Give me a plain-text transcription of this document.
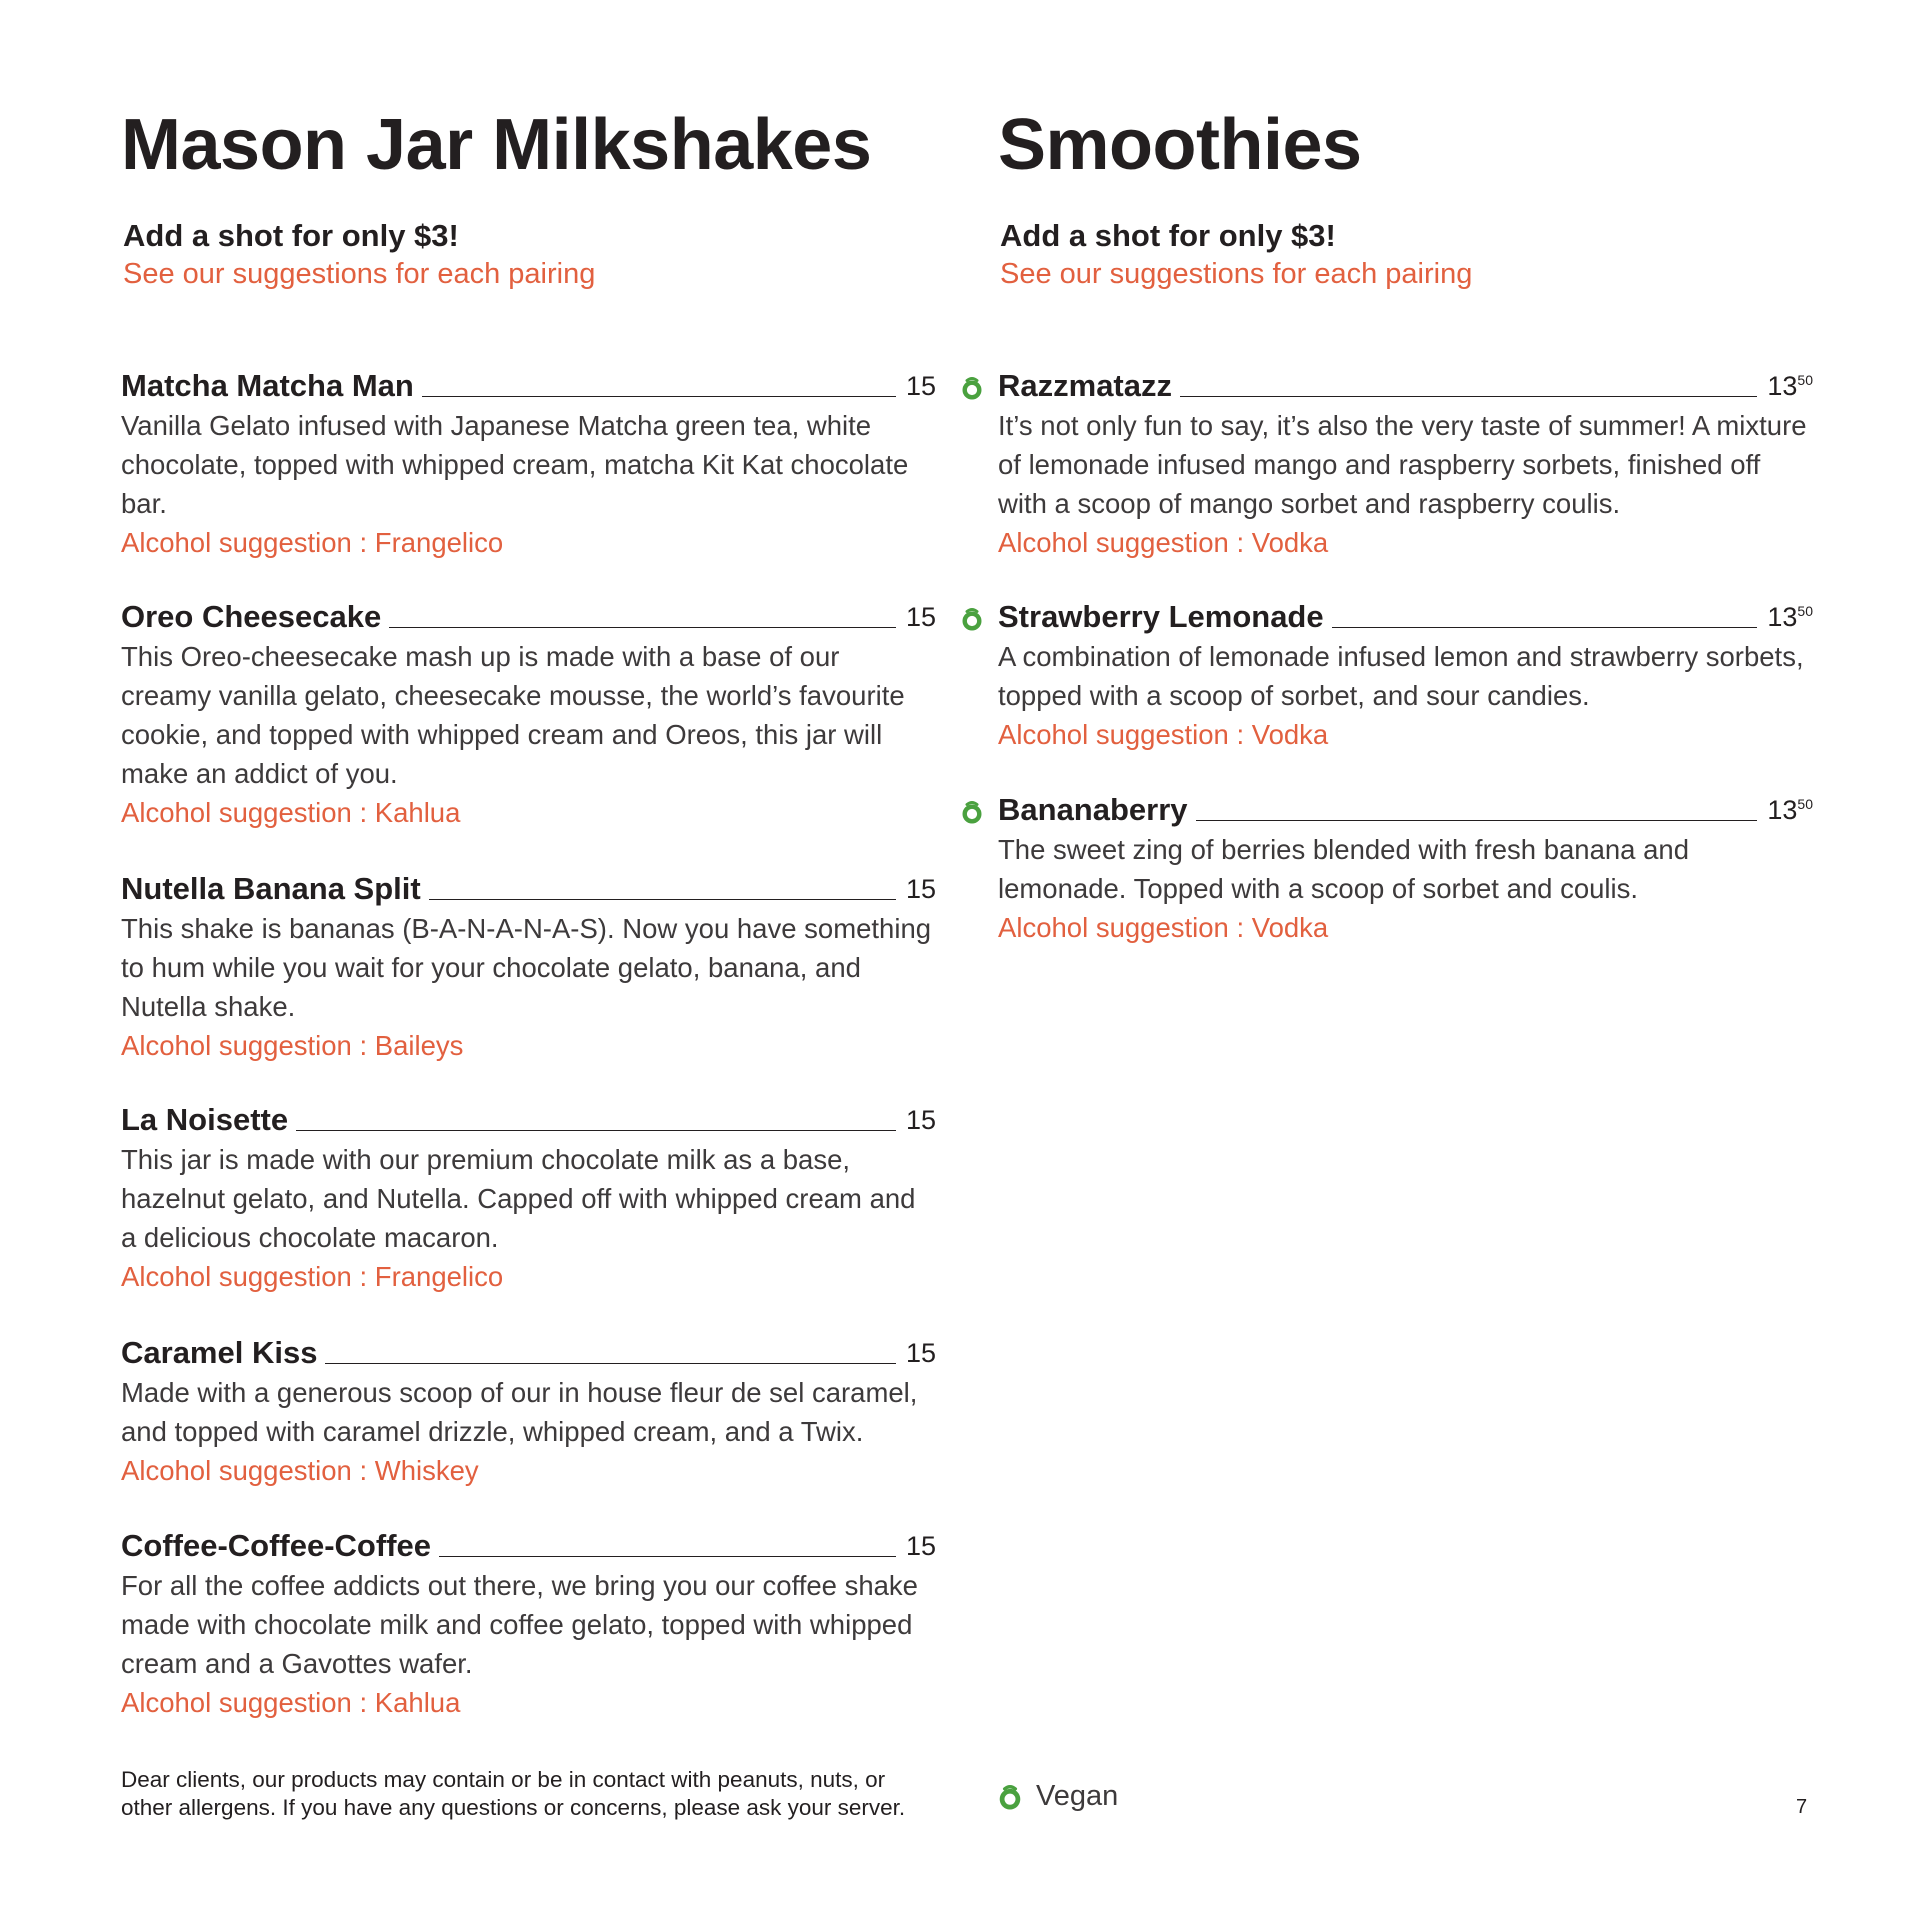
Mason Jar Milkshakes
Add a shot for only $3!
See our suggestions for each pairing
Matcha Matcha Man	15

Vanilla Gelato infused with Japanese Matcha green tea, white chocolate, topped with whipped cream, matcha Kit Kat chocolate bar.

Alcohol suggestion : Frangelico
Oreo Cheesecake	15

This Oreo-cheesecake mash up is made with a base of our creamy vanilla gelato, cheesecake mousse, the world’s favourite cookie, and topped with whipped cream and Oreos, this jar will make an addict of you.

Alcohol suggestion : Kahlua
Nutella Banana Split	15

This shake is bananas (B-A-N-A-N-A-S). Now you have something to hum while you wait for your chocolate gelato, banana, and Nutella shake.

Alcohol suggestion : Baileys
La Noisette	15

This jar is made with our premium chocolate milk as a base, hazelnut gelato, and Nutella. Capped off with whipped cream and a delicious chocolate macaron.

Alcohol suggestion : Frangelico
Caramel Kiss	15

Made with a generous scoop of our in house fleur de sel caramel, and topped with caramel drizzle, whipped cream, and a Twix.

Alcohol suggestion : Whiskey
Coffee-Coffee-Coffee	15

For all the coffee addicts out there, we bring you our coffee shake made with chocolate milk and coffee gelato, topped with whipped cream and a Gavottes wafer.

Alcohol suggestion : Kahlua
Smoothies
Add a shot for only $3!
See our suggestions for each pairing
Razzmatazz	$13^{50}$

It’s not only fun to say, it’s also the very taste of summer! A mixture of lemonade infused mango and raspberry sorbets, finished off with a scoop of mango sorbet and raspberry coulis.

Alcohol suggestion : Vodka
Strawberry Lemonade	$13^{50}$

A combination of lemonade infused lemon and strawberry sorbets, topped with a scoop of sorbet, and sour candies.

Alcohol suggestion : Vodka
Bananaberry	$13^{50}$

The sweet zing of berries blended with fresh banana and lemonade. Topped with a scoop of sorbet and coulis.

Alcohol suggestion : Vodka
Dear clients, our products may contain or be in contact with peanuts, nuts, or other allergens. If you have any questions or concerns, please ask your server.	Vegan	7
